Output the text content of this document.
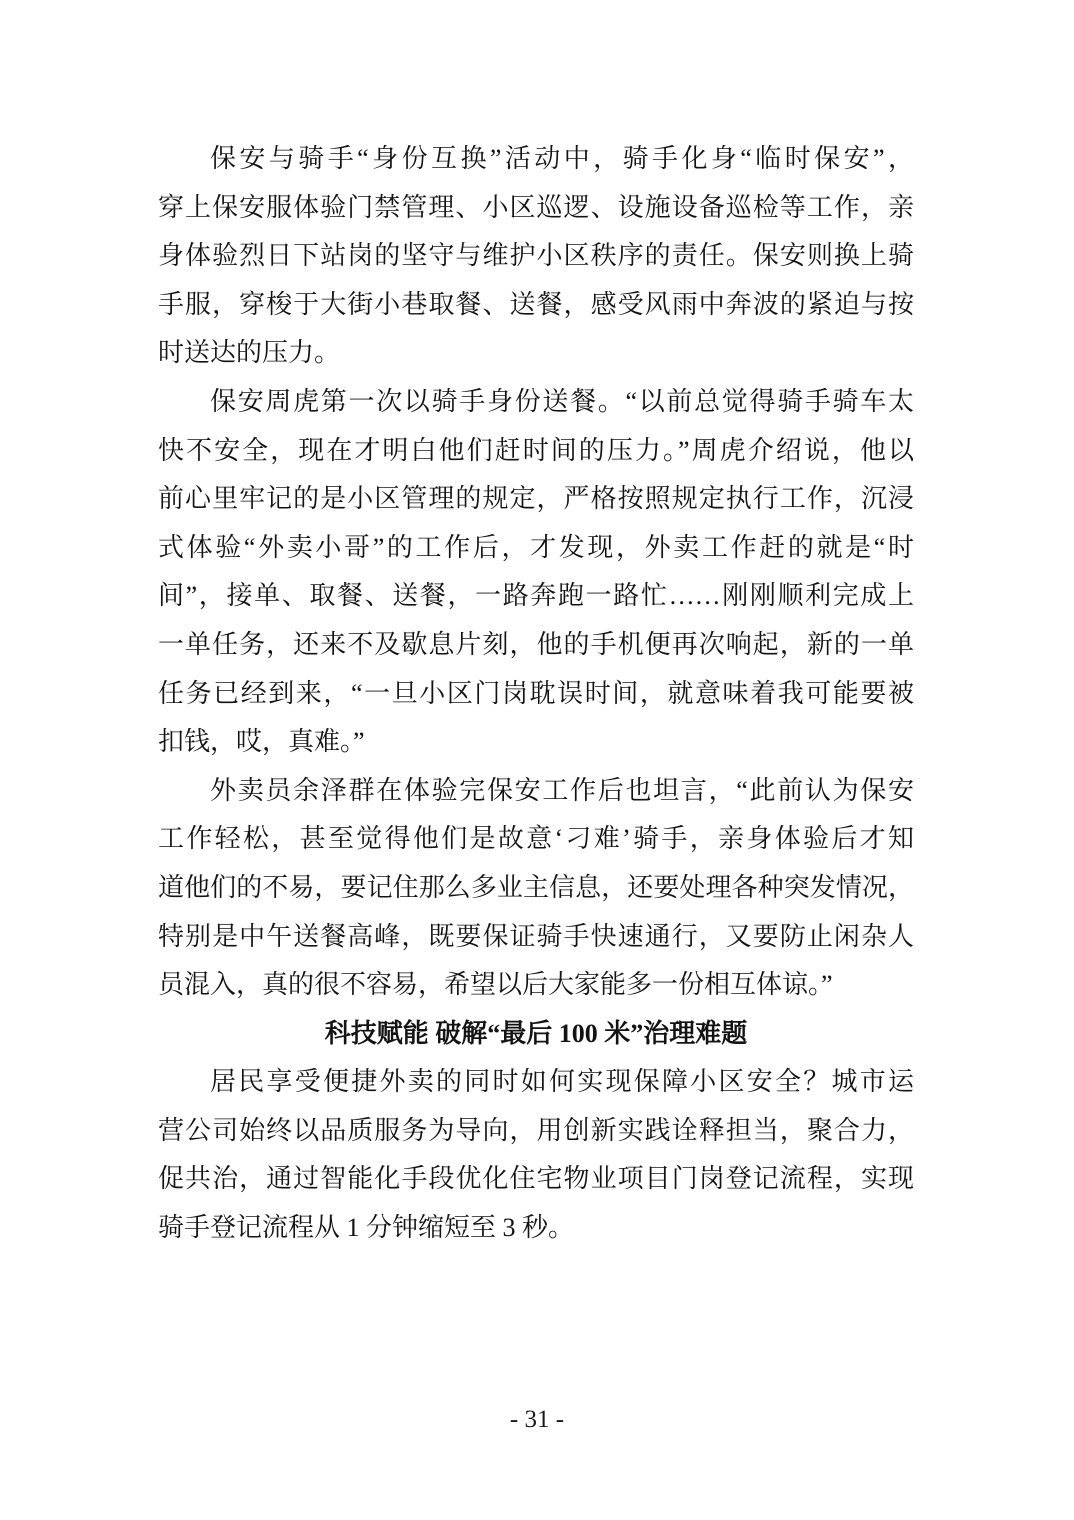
保安与骑手“身份互换”活动中，骑手化身“临时保安”，
穿上保安服体验门禁管理、小区巡逻、设施设备巡检等工作，亲
身体验烈日下站岗的坚守与维护小区秩序的责任。保安则换上骑
手服，穿梭于大街小巷取餐、送餐，感受风雨中奔波的紧迫与按
时送达的压力。
保安周虎第一次以骑手身份送餐。“以前总觉得骑手骑车太
快不安全，现在才明白他们赶时间的压力。”周虎介绍说，他以
前心里牢记的是小区管理的规定，严格按照规定执行工作，沉浸
式体验“外卖小哥”的工作后，才发现，外卖工作赶的就是“时
间”，接单、取餐、送餐，一路奔跑一路忙……刚刚顺利完成上
一单任务，还来不及歇息片刻，他的手机便再次响起，新的一单
任务已经到来，“一旦小区门岗耽误时间，就意味着我可能要被
扣钱，哎，真难。”
外卖员余泽群在体验完保安工作后也坦言，“此前认为保安
工作轻松，甚至觉得他们是故意‘刁难’骑手，亲身体验后才知
道他们的不易，要记住那么多业主信息，还要处理各种突发情况，
特别是中午送餐高峰，既要保证骑手快速通行，又要防止闲杂人
员混入，真的很不容易，希望以后大家能多一份相互体谅。”
科技赋能 破解“最后 100 米”治理难题
居民享受便捷外卖的同时如何实现保障小区安全？城市运
营公司始终以品质服务为导向，用创新实践诠释担当，聚合力，
促共治，通过智能化手段优化住宅物业项目门岗登记流程，实现
骑手登记流程从 1 分钟缩短至 3 秒。
- 31 -
